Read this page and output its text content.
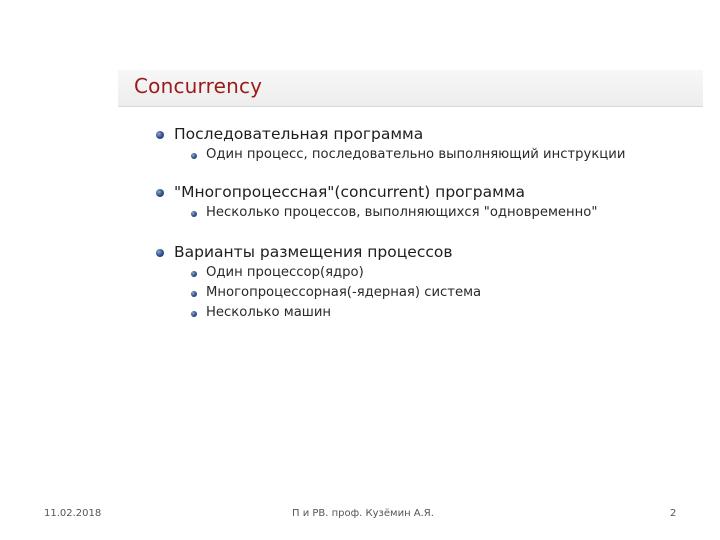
Concurrency
Последовательная программа
Один процесс, последовательно выполняющий инструкции
"Многопроцессная"(concurrent) программа
Несколько процессов, выполняющихся "одновременно"
Варианты размещения процессов
Один процессор(ядро)
Многопроцессорная(-ядерная) система
Несколько машин
11.02.2018	П и РВ. проф. Кузёмин А.Я.	2
